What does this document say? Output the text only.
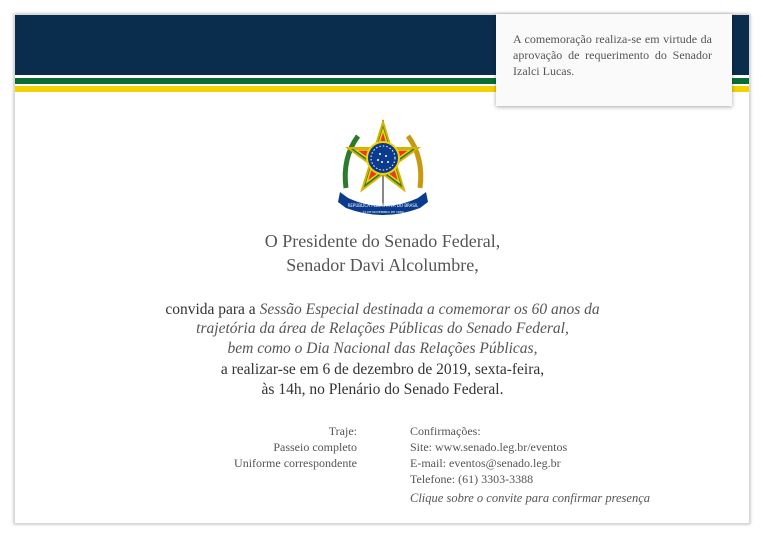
A comemoração realiza-se em virtude da aprovação de requerimento do Senador Izalci Lucas.
REPÚBLICA FEDERATIVA DO BRASIL
15 DE NOVEMBRO DE 1889
O Presidente do Senado Federal,
Senador Davi Alcolumbre,
convida para a Sessão Especial destinada a comemorar os 60 anos da
trajetória da área de Relações Públicas do Senado Federal,
bem como o Dia Nacional das Relações Públicas,
a realizar-se em 6 de dezembro de 2019, sexta-feira,
às 14h, no Plenário do Senado Federal.
Traje:
Passeio completo
Uniforme correspondente
Confirmações:
Site: www.senado.leg.br/eventos
E-mail: eventos@senado.leg.br
Telefone: (61) 3303-3388
Clique sobre o convite para confirmar presença
